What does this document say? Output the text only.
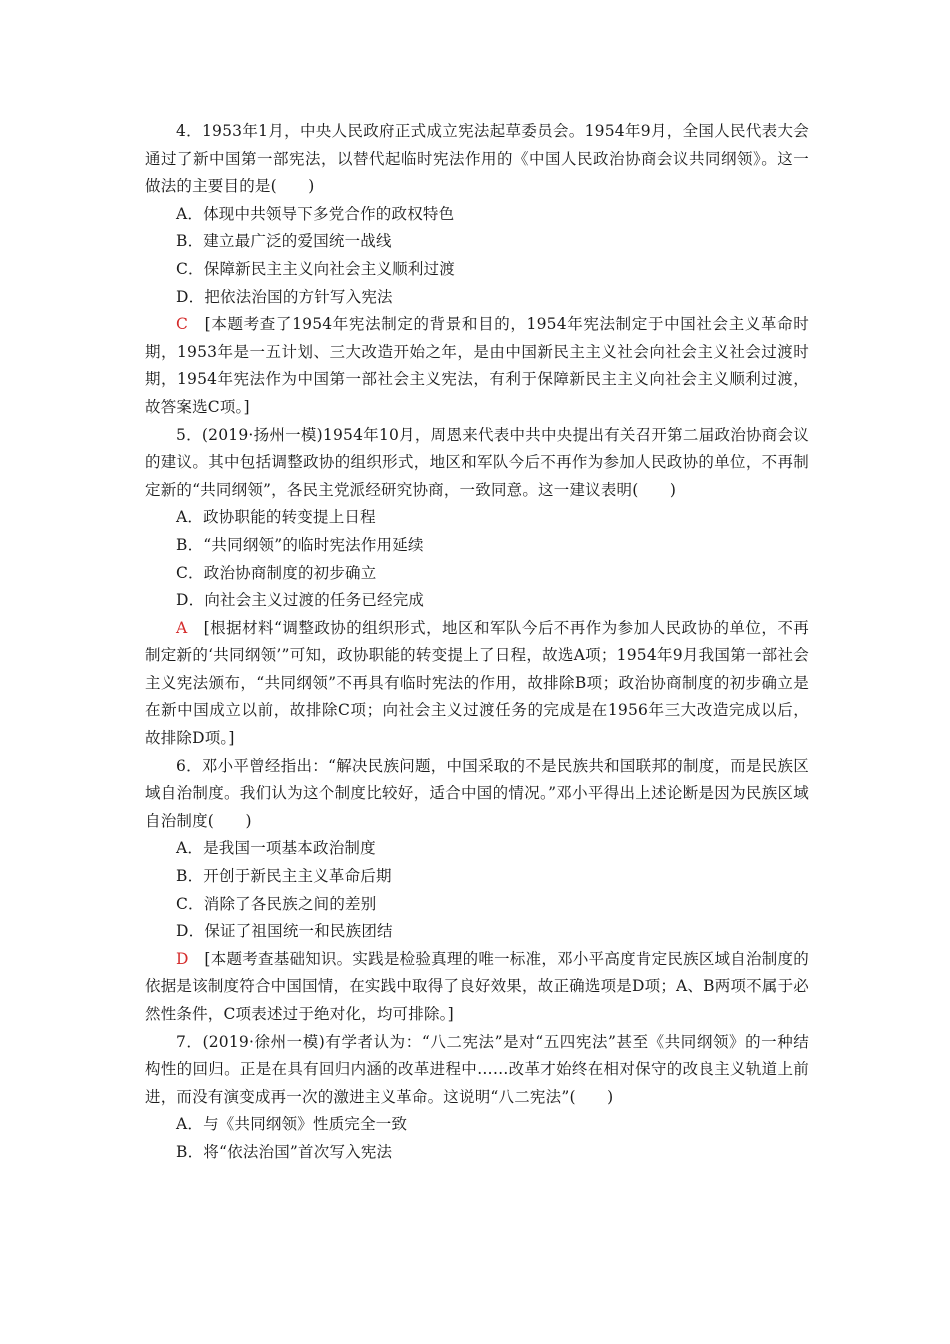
4．1953年1月，中央人民政府正式成立宪法起草委员会。1954年9月，全国人民代表大会通过了新中国第一部宪法，以替代起临时宪法作用的《中国人民政治协商会议共同纲领》。这一做法的主要目的是(　　)

A．体现中共领导下多党合作的政权特色

B．建立最广泛的爱国统一战线

C．保障新民主主义向社会主义顺利过渡

D．把依法治国的方针写入宪法

C　[本题考查了1954年宪法制定的背景和目的，1954年宪法制定于中国社会主义革命时期，1953年是一五计划、三大改造开始之年，是由中国新民主主义社会向社会主义社会过渡时期，1954年宪法作为中国第一部社会主义宪法，有利于保障新民主主义向社会主义顺利过渡，故答案选C项。]

5．(2019·扬州一模)1954年10月，周恩来代表中共中央提出有关召开第二届政治协商会议的建议。其中包括调整政协的组织形式，地区和军队今后不再作为参加人民政协的单位，不再制定新的“共同纲领”，各民主党派经研究协商，一致同意。这一建议表明(　　)

A．政协职能的转变提上日程

B．“共同纲领”的临时宪法作用延续

C．政治协商制度的初步确立

D．向社会主义过渡的任务已经完成

A　[根据材料“调整政协的组织形式，地区和军队今后不再作为参加人民政协的单位，不再制定新的‘共同纲领’”可知，政协职能的转变提上了日程，故选A项；1954年9月我国第一部社会主义宪法颁布，“共同纲领”不再具有临时宪法的作用，故排除B项；政治协商制度的初步确立是在新中国成立以前，故排除C项；向社会主义过渡任务的完成是在1956年三大改造完成以后，故排除D项。]

6．邓小平曾经指出：“解决民族问题，中国采取的不是民族共和国联邦的制度，而是民族区域自治制度。我们认为这个制度比较好，适合中国的情况。”邓小平得出上述论断是因为民族区域自治制度(　　)

A．是我国一项基本政治制度

B．开创于新民主主义革命后期

C．消除了各民族之间的差别

D．保证了祖国统一和民族团结

D　[本题考查基础知识。实践是检验真理的唯一标准，邓小平高度肯定民族区域自治制度的依据是该制度符合中国国情，在实践中取得了良好效果，故正确选项是D项；A、B两项不属于必然性条件，C项表述过于绝对化，均可排除。]

7．(2019·徐州一模)有学者认为：“八二宪法”是对“五四宪法”甚至《共同纲领》的一种结构性的回归。正是在具有回归内涵的改革进程中……改革才始终在相对保守的改良主义轨道上前进，而没有演变成再一次的激进主义革命。这说明“八二宪法”(　　)

A．与《共同纲领》性质完全一致

B．将“依法治国”首次写入宪法
